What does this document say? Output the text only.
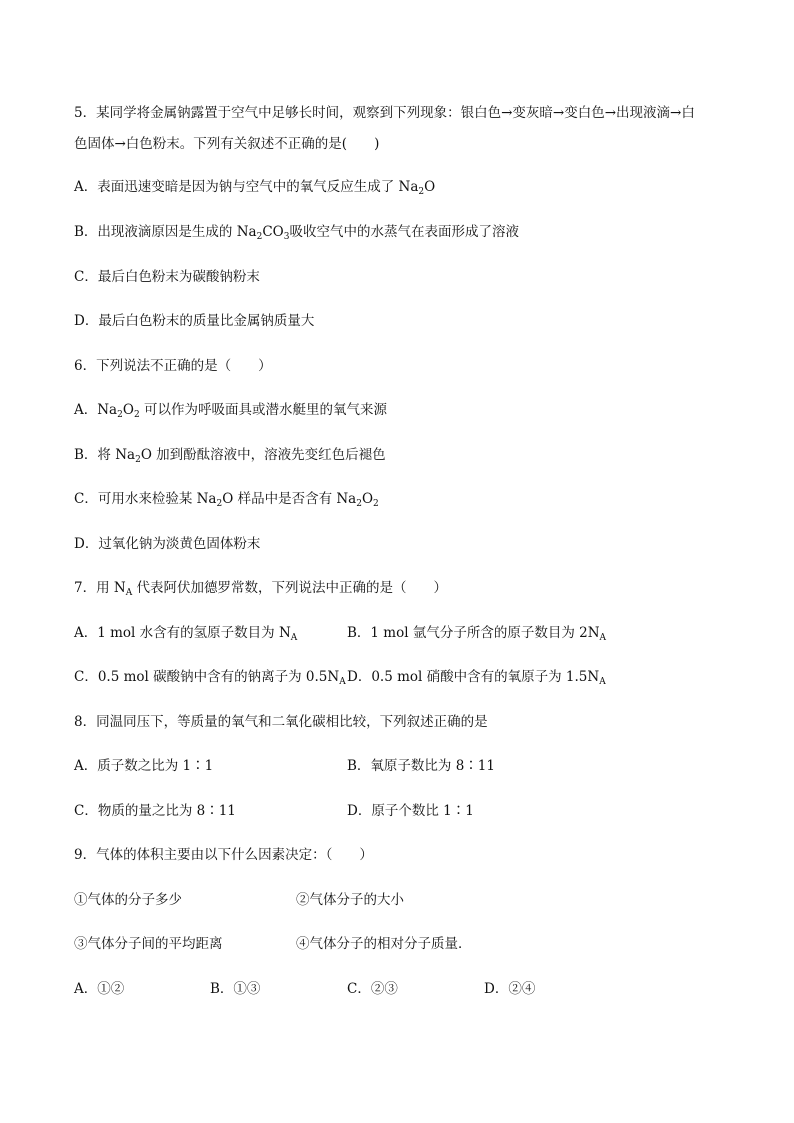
5．某同学将金属钠露置于空气中足够长时间，观察到下列现象：银白色→变灰暗→变白色→出现液滴→白
色固体→白色粉末。下列有关叙述不正确的是(　　)
A．表面迅速变暗是因为钠与空气中的氧气反应生成了 $Na_2O$
B．出现液滴原因是生成的 $Na_2CO_3$吸收空气中的水蒸气在表面形成了溶液
C．最后白色粉末为碳酸钠粉末
D．最后白色粉末的质量比金属钠质量大
6．下列说法不正确的是（　　）
A．$Na_2O_2$ 可以作为呼吸面具或潜水艇里的氧气来源
B．将 $Na_2O$ 加到酚酞溶液中，溶液先变红色后褪色
C．可用水来检验某 $Na_2O$ 样品中是否含有 $Na_2O_2$
D．过氧化钠为淡黄色固体粉末
7．用 $N_A$ 代表阿伏加德罗常数，下列说法中正确的是（　　）
A．1 mol 水含有的氢原子数目为 $N_A$	B．1 mol 氩气分子所含的原子数目为 $2N_A$
C．0.5 mol 碳酸钠中含有的钠离子为 $0.5N_A$ D．0.5 mol 硝酸中含有的氧原子为 $1.5N_A$
8．同温同压下，等质量的氧气和二氧化碳相比较，下列叙述正确的是
A．质子数之比为 1∶1	B．氧原子数比为 8∶11
C．物质的量之比为 8∶11	D．原子个数比 1∶1
9．气体的体积主要由以下什么因素决定：（　　）
①气体的分子多少	②气体分子的大小
③气体分子间的平均距离	④气体分子的相对分子质量．
A．①②	B．①③	C．②③	D．②④
